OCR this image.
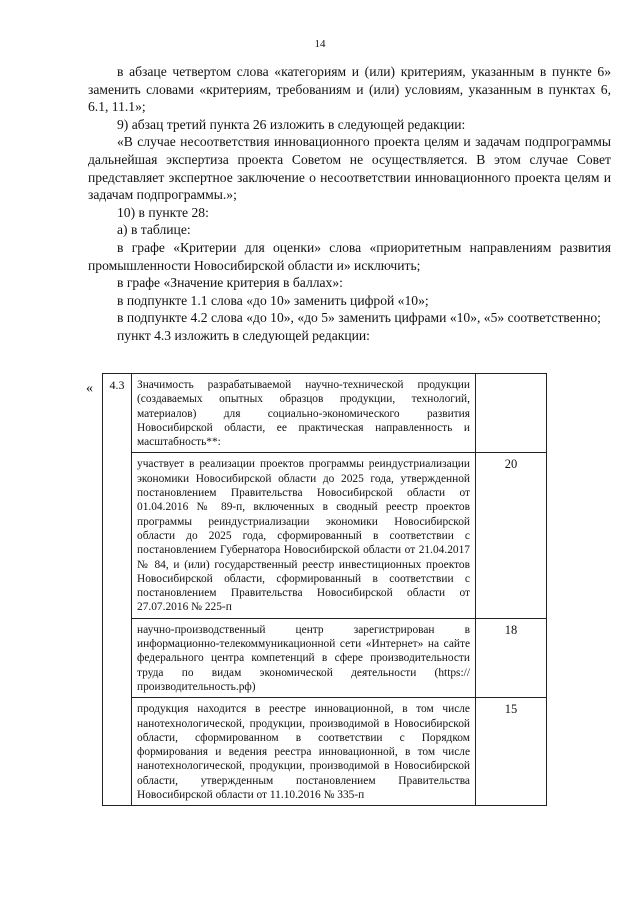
14

в абзаце четвертом слова «категориям и (или) критериям, указанным в пункте 6» заменить словами «критериям, требованиям и (или) условиям, указанным в пунктах 6, 6.1, 11.1»;

9) абзац третий пункта 26 изложить в следующей редакции:

«В случае несоответствия инновационного проекта целям и задачам подпрограммы дальнейшая экспертиза проекта Советом не осуществляется. В этом случае Совет представляет экспертное заключение о несоответствии инновационного проекта целям и задачам подпрограммы.»;

10) в пункте 28:

а) в таблице:

в графе «Критерии для оценки» слова «приоритетным направлениям развития промышленности Новосибирской области и» исключить;

в графе «Значение критерия в баллах»:

в подпункте 1.1 слова «до 10» заменить цифрой «10»;

в подпункте 4.2 слова «до 10», «до 5» заменить цифрами «10», «5» соответственно;

пункт 4.3 изложить в следующей редакции:

« 4.3	Значимость разрабатываемой научно-технической продукции (создаваемых опытных образцов продукции, технологий, материалов) для социально-экономического развития Новосибирской области, ее практическая направленность и масштабность**:	
	участвует в реализации проектов программы реиндустриализации экономики Новосибирской области до 2025 года, утвержденной постановлением Правительства Новосибирской области от 01.04.2016 № 89-п, включенных в сводный реестр проектов программы реиндустриализации экономики Новосибирской области до 2025 года, сформированный в соответствии с постановлением Губернатора Новосибирской области от 21.04.2017 № 84, и (или) государственный реестр инвестиционных проектов Новосибирской области, сформированный в соответствии с постановлением Правительства Новосибирской области от 27.07.2016 № 225-п	20
	научно-производственный центр зарегистрирован в информационно-телекоммуникационной сети «Интернет» на сайте федерального центра компетенций в сфере производительности труда по видам экономической деятельности (https://производительность.рф)	18
	продукция находится в реестре инновационной, в том числе нанотехнологической, продукции, производимой в Новосибирской области, сформированном в соответствии с Порядком формирования и ведения реестра инновационной, в том числе нанотехнологической, продукции, производимой в Новосибирской области, утвержденным постановлением Правительства Новосибирской области от 11.10.2016 № 335-п	15
